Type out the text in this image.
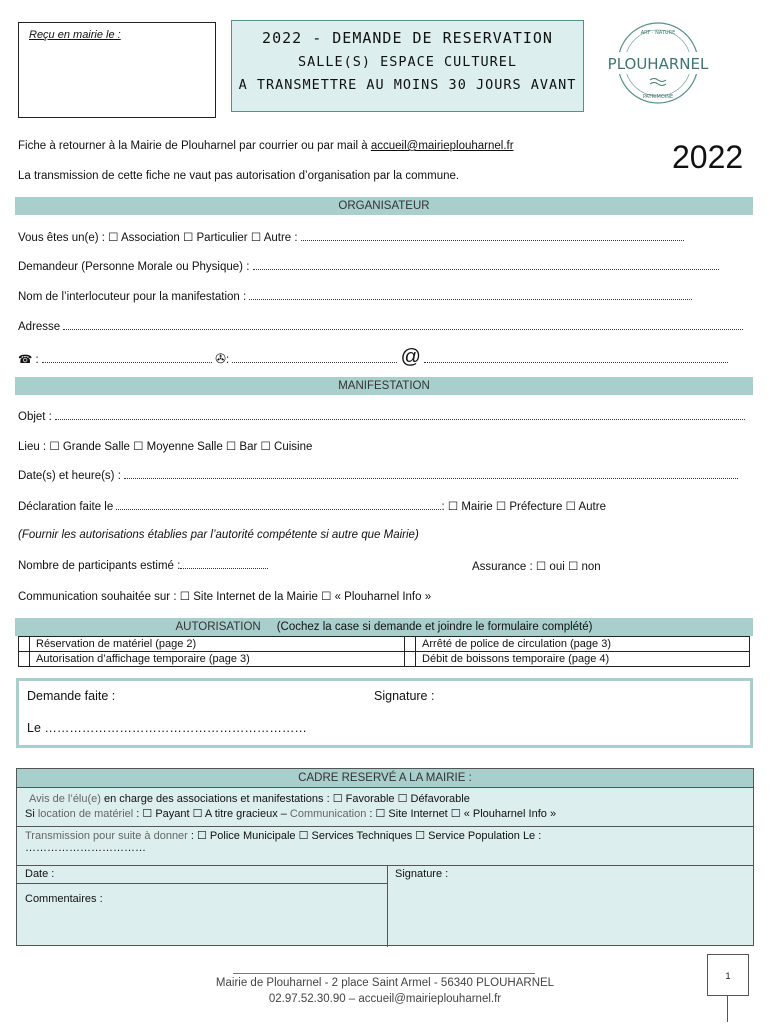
Reçu en mairie le :	2022 - DEMANDE DE RESERVATION
SALLE(S) ESPACE CULTUREL
A TRANSMETTRE AU MOINS 30 JOURS AVANT
PLOUHARNEL
ART · NATURE
PATRIMOINE
Fiche à retourner à la Mairie de Plouharnel par courrier ou par mail à accueil@mairieplouharnel.fr	2022
La transmission de cette fiche ne vaut pas autorisation d’organisation par la commune.
ORGANISATEUR
Vous êtes un(e) : ☐ Association ☐ Particulier ☐ Autre :
Demandeur (Personne Morale ou Physique) :
Nom de l’interlocuteur pour la manifestation :
Adresse
☎ :	✇:	@
MANIFESTATION
Objet :
Lieu : ☐ Grande Salle ☐ Moyenne Salle ☐ Bar ☐ Cuisine
Date(s) et heure(s) :
Déclaration faite le	: ☐ Mairie ☐ Préfecture ☐ Autre
(Fournir les autorisations établies par l’autorité compétente si autre que Mairie)
Nombre de participants estimé :	Assurance : ☐ oui ☐ non
Communication souhaitée sur : ☐ Site Internet de la Mairie ☐ « Plouharnel Info »
AUTORISATION (Cochez la case si demande et joindre le formulaire complété)
	Réservation de matériel (page 2)		Arrêté de police de circulation (page 3)
	Autorisation d’affichage temporaire (page 3)		Débit de boissons temporaire (page 4)
Demande faite :	Signature :
Le ………………………………………………………
CADRE RESERVÉ A LA MAIRIE :
Avis de l’élu(e) en charge des associations et manifestations : ☐ Favorable ☐ Défavorable
Si location de matériel : ☐ Payant ☐ A titre gracieux – Communication : ☐ Site Internet ☐ « Plouharnel Info »
Transmission pour suite à donner : ☐ Police Municipale ☐ Services Techniques ☐ Service Population Le :
……………………………
Date :	Signature :
Commentaires :
Mairie de Plouharnel - 2 place Saint Armel - 56340 PLOUHARNEL
02.97.52.30.90 – accueil@mairieplouharnel.fr
1
